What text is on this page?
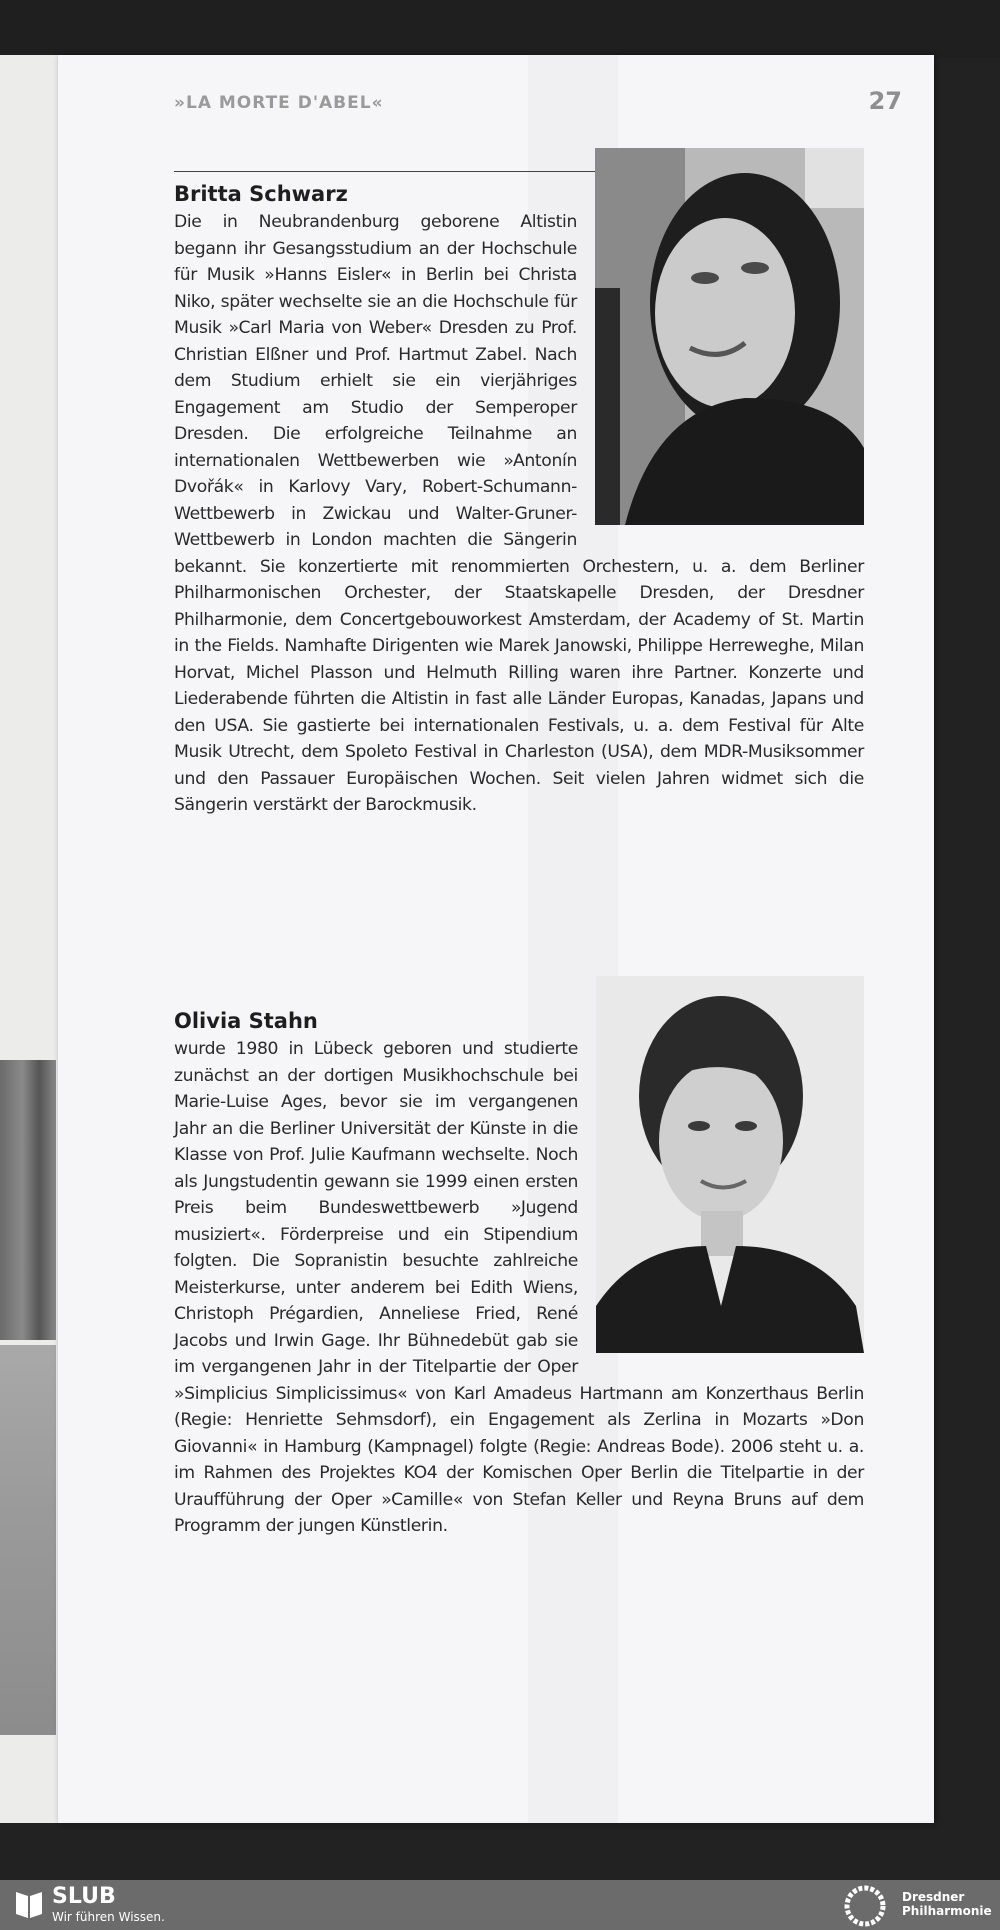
»LA MORTE D'ABEL«	27
Britta Schwarz

Die in Neubrandenburg geborene Altistin begann ihr Gesangsstudium an der Hochschule für Musik »Hanns Eisler« in Berlin bei Christa Niko, später wechselte sie an die Hochschule für Musik »Carl Maria von Weber« Dresden zu Prof. Christian Elßner und Prof. Hartmut Zabel. Nach dem Studium erhielt sie ein vierjähriges Engagement am Studio der Semperoper Dresden. Die erfolgreiche Teilnahme an internationalen Wettbewerben wie »Antonín Dvořák« in Karlovy Vary, Robert-Schumann-Wettbewerb in Zwickau und Walter-Gruner-Wettbewerb in London machten die Sängerin bekannt. Sie konzertierte mit renommierten Orchestern, u. a. dem Berliner Philharmonischen Orchester, der Staatskapelle Dresden, der Dresdner Philharmonie, dem Concertgebouworkest Amsterdam, der Academy of St. Martin in the Fields. Namhafte Dirigenten wie Marek Janowski, Philippe Herreweghe, Milan Horvat, Michel Plasson und Helmuth Rilling waren ihre Partner. Konzerte und Liederabende führten die Altistin in fast alle Länder Europas, Kanadas, Japans und den USA. Sie gastierte bei internationalen Festivals, u. a. dem Festival für Alte Musik Utrecht, dem Spoleto Festival in Charleston (USA), dem MDR-Musiksommer und den Passauer Europäischen Wochen. Seit vielen Jahren widmet sich die Sängerin verstärkt der Barockmusik.

Olivia Stahn

wurde 1980 in Lübeck geboren und studierte zunächst an der dortigen Musikhochschule bei Marie-Luise Ages, bevor sie im vergangenen Jahr an die Berliner Universität der Künste in die Klasse von Prof. Julie Kaufmann wechselte. Noch als Jungstudentin gewann sie 1999 einen ersten Preis beim Bundeswettbewerb »Jugend musiziert«. Förderpreise und ein Stipendium folgten. Die Sopranistin besuchte zahlreiche Meisterkurse, unter anderem bei Edith Wiens, Christoph Prégardien, Anneliese Fried, René Jacobs und Irwin Gage. Ihr Bühnedebüt gab sie im vergangenen Jahr in der Titelpartie der Oper »Simplicius Simplicissimus« von Karl Amadeus Hartmann am Konzerthaus Berlin (Regie: Henriette Sehmsdorf), ein Engagement als Zerlina in Mozarts »Don Giovanni« in Hamburg (Kampnagel) folgte (Regie: Andreas Bode). 2006 steht u. a. im Rahmen des Projektes KO4 der Komischen Oper Berlin die Titelpartie in der Uraufführung der Oper »Camille« von Stefan Keller und Reyna Bruns auf dem Programm der jungen Künstlerin.

SLUB
Wir führen Wissen.
Dresdner
Philharmonie
